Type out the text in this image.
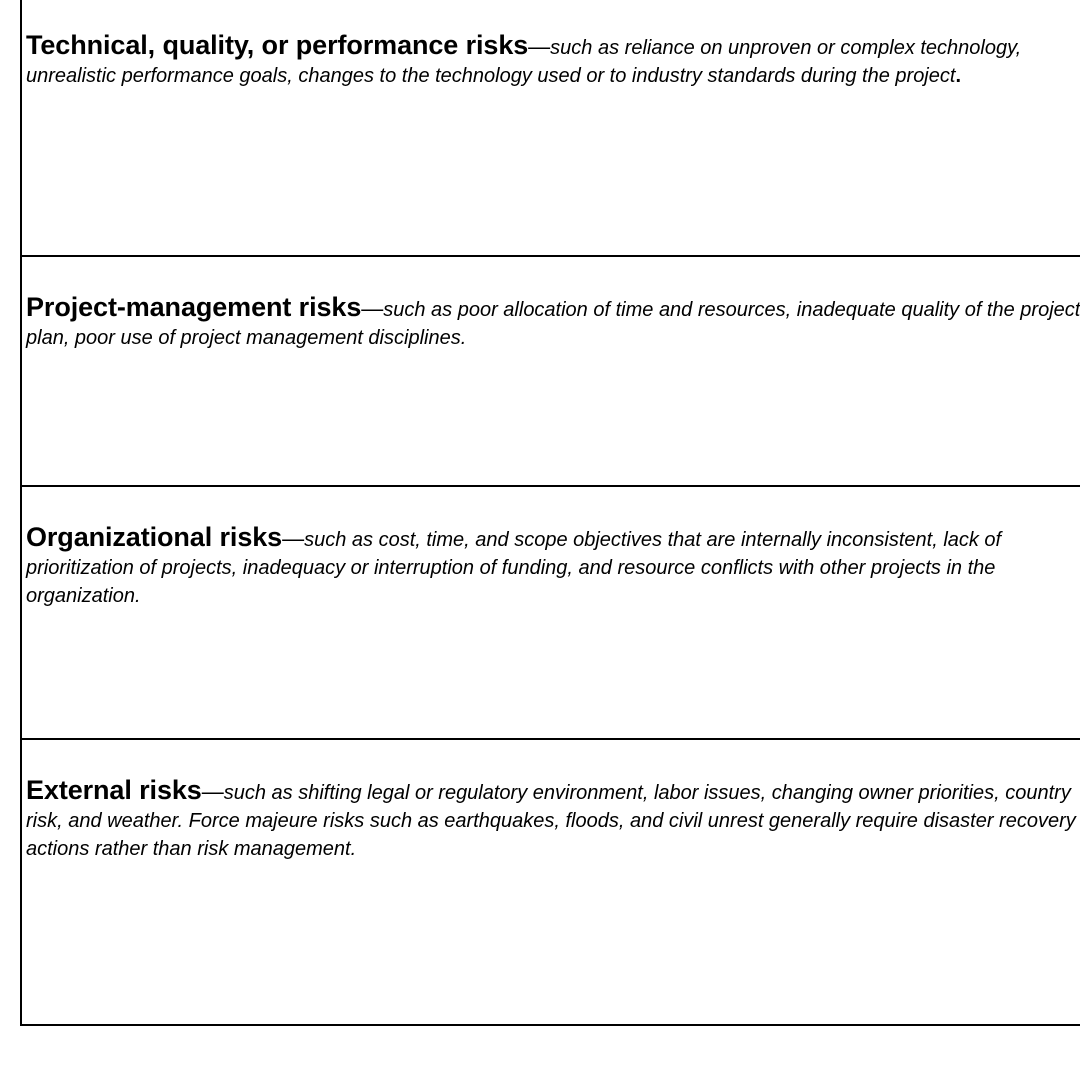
Technical, quality, or performance risks—such as reliance on unproven or complex technology, unrealistic performance goals, changes to the technology used or to industry standards during the project.

Project-management risks—such as poor allocation of time and resources, inadequate quality of the project plan, poor use of project management disciplines.

Organizational risks—such as cost, time, and scope objectives that are internally inconsistent, lack of prioritization of projects, inadequacy or interruption of funding, and resource conflicts with other projects in the organization.

External risks—such as shifting legal or regulatory environment, labor issues, changing owner priorities, country risk, and weather. Force majeure risks such as earthquakes, floods, and civil unrest generally require disaster recovery actions rather than risk management.
